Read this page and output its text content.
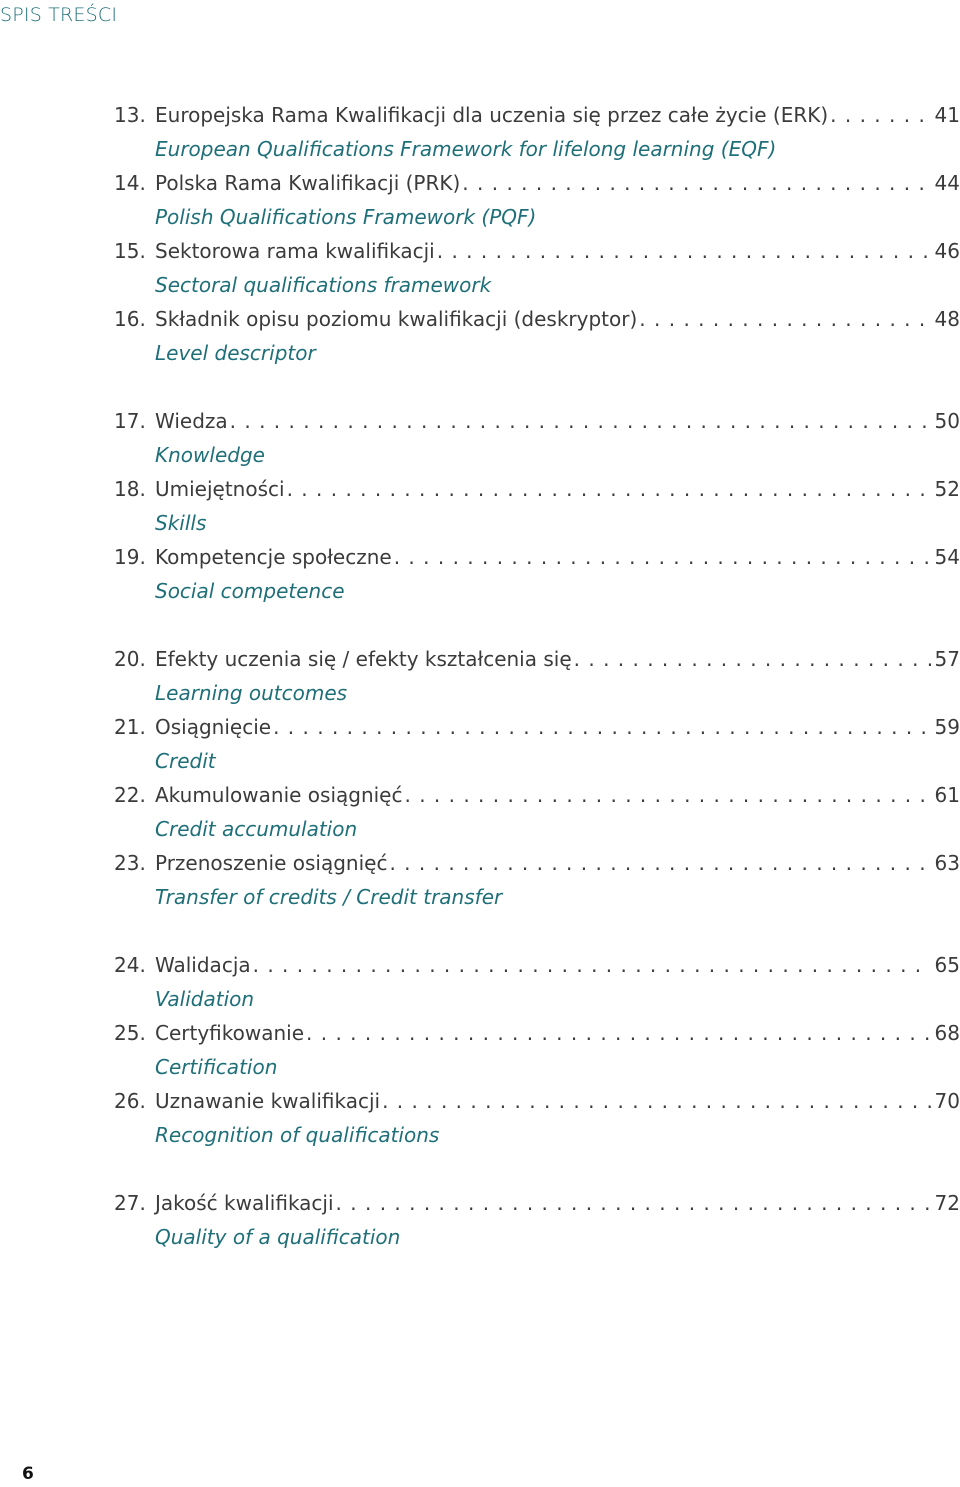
SPIS TREŚCI
13. Europejska Rama Kwalifikacji dla uczenia się przez całe życie (ERK) . . .	41
European Qualifications Framework for lifelong learning (EQF)
14. Polska Rama Kwalifikacji (PRK) . . .	44
Polish Qualifications Framework (PQF)
15. Sektorowa rama kwalifikacji . . .	46
Sectoral qualifications framework
16. Składnik opisu poziomu kwalifikacji (deskryptor) . . .	48
Level descriptor
17. Wiedza . . .	50
Knowledge
18. Umiejętności . . .	52
Skills
19. Kompetencje społeczne . . .	54
Social competence
20. Efekty uczenia się / efekty kształcenia się . . .	57
Learning outcomes
21. Osiągnięcie . . .	59
Credit
22. Akumulowanie osiągnięć . . .	61
Credit accumulation
23. Przenoszenie osiągnięć . . .	63
Transfer of credits / Credit transfer
24. Walidacja . . .	65
Validation
25. Certyfikowanie . . .	68
Certification
26. Uznawanie kwalifikacji . . .	70
Recognition of qualifications
27. Jakość kwalifikacji . . .	72
Quality of a qualification
6
